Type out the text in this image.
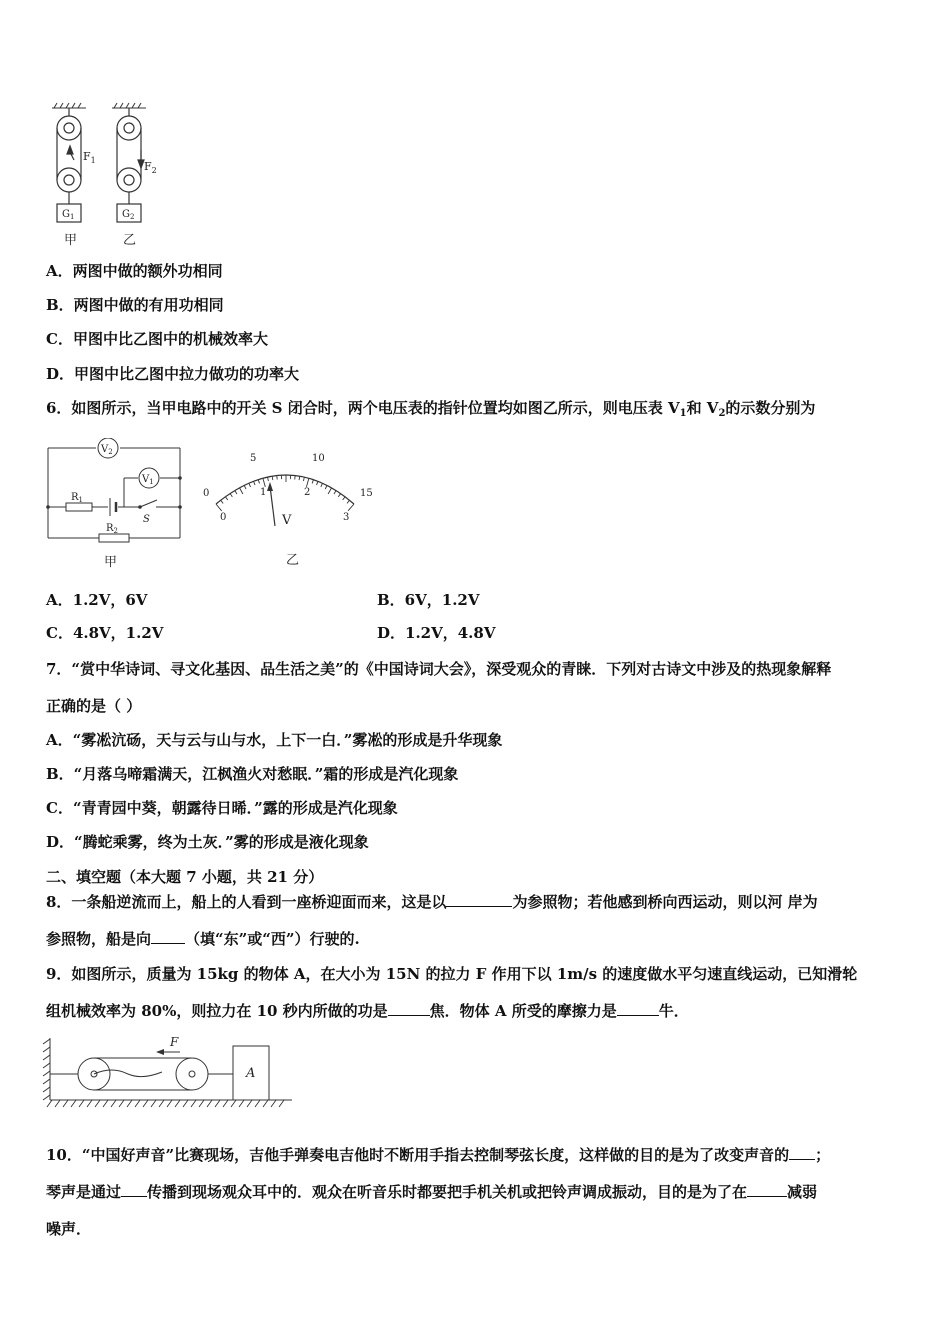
$F_1$	$F_2$
$G_1$	$G_2$
甲	乙
A．两图中做的额外功相同
B．两图中做的有用功相同
C．甲图中比乙图中的机械效率大
D．甲图中比乙图中拉力做功的功率大
6．如图所示，当甲电路中的开关 S 闭合时，两个电压表的指针位置均如图乙所示，则电压表 $V_1$和 $V_2$的示数分别为
$V_2$
$V_1$
$R_1$
$R_2$
S
甲
0
5	10
15
0
1	2
3
V
乙
A．1.2V，6V	B．6V，1.2V
C．4.8V，1.2V	D．1.2V，4.8V
7．“赏中华诗词、寻文化基因、品生活之美”的《中国诗词大会》，深受观众的青睐．下列对古诗文中涉及的热现象解释
正确的是（ ）
A．“雾凇沆砀，天与云与山与水，上下一白．”雾凇的形成是升华现象
B．“月落乌啼霜满天，江枫渔火对愁眠．”霜的形成是汽化现象
C．“青青园中葵，朝露待日晞．”露的形成是汽化现象
D．“腾蛇乘雾，终为土灰．”雾的形成是液化现象
二、填空题（本大题 7 小题，共 21 分）
8．一条船逆流而上，船上的人看到一座桥迎面而来，这是以	为参照物；若他感到桥向西运动，则以河 岸为
参照物，船是向 （填“东”或“西”）行驶的.
9．如图所示，质量为 15kg 的物体 A，在大小为 15N 的拉力 F 作用下以 1m/s 的速度做水平匀速直线运动，已知滑轮
组机械效率为 80%，则拉力在 10 秒内所做的功是	焦．物体 A 所受的摩擦力是	牛．
F
A
10．“中国好声音”比赛现场，吉他手弹奏电吉他时不断用手指去控制琴弦长度，这样做的目的是为了改变声音的 ；
琴声是通过 传播到现场观众耳中的．观众在听音乐时都要把手机关机或把铃声调成振动，目的是为了在	减弱
噪声．
